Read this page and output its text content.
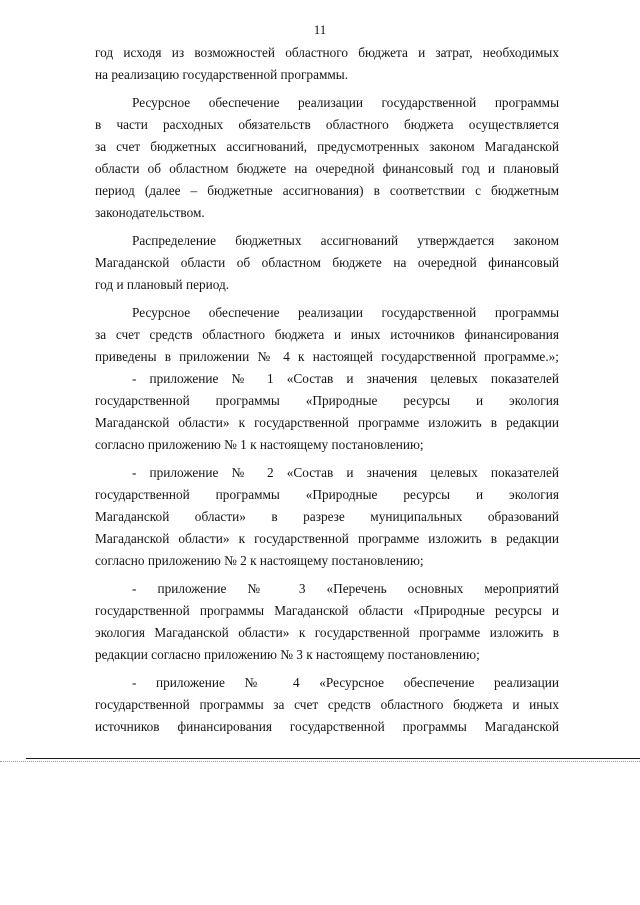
11
год исходя из возможностей областного бюджета и затрат, необходимых
на реализацию государственной программы.
Ресурсное обеспечение реализации государственной программы
в части расходных обязательств областного бюджета осуществляется
за счет бюджетных ассигнований, предусмотренных законом Магаданской
области об областном бюджете на очередной финансовый год и плановый
период (далее – бюджетные ассигнования) в соответствии с бюджетным
законодательством.
Распределение бюджетных ассигнований утверждается законом
Магаданской области об областном бюджете на очередной финансовый
год и плановый период.
Ресурсное обеспечение реализации государственной программы
за счет средств областного бюджета и иных источников финансирования
приведены в приложении № 4 к настоящей государственной программе.»;
- приложение № 1 «Состав и значения целевых показателей
государственной программы «Природные ресурсы и экология
Магаданской области» к государственной программе изложить в редакции
согласно приложению № 1 к настоящему постановлению;
- приложение № 2 «Состав и значения целевых показателей
государственной программы «Природные ресурсы и экология
Магаданской области» в разрезе муниципальных образований
Магаданской области» к государственной программе изложить в редакции
согласно приложению № 2 к настоящему постановлению;
- приложение № 3 «Перечень основных мероприятий
государственной программы Магаданской области «Природные ресурсы и
экология Магаданской области» к государственной программе изложить в
редакции согласно приложению № 3 к настоящему постановлению;
- приложение № 4 «Ресурсное обеспечение реализации
государственной программы за счет средств областного бюджета и иных
источников финансирования государственной программы Магаданской
